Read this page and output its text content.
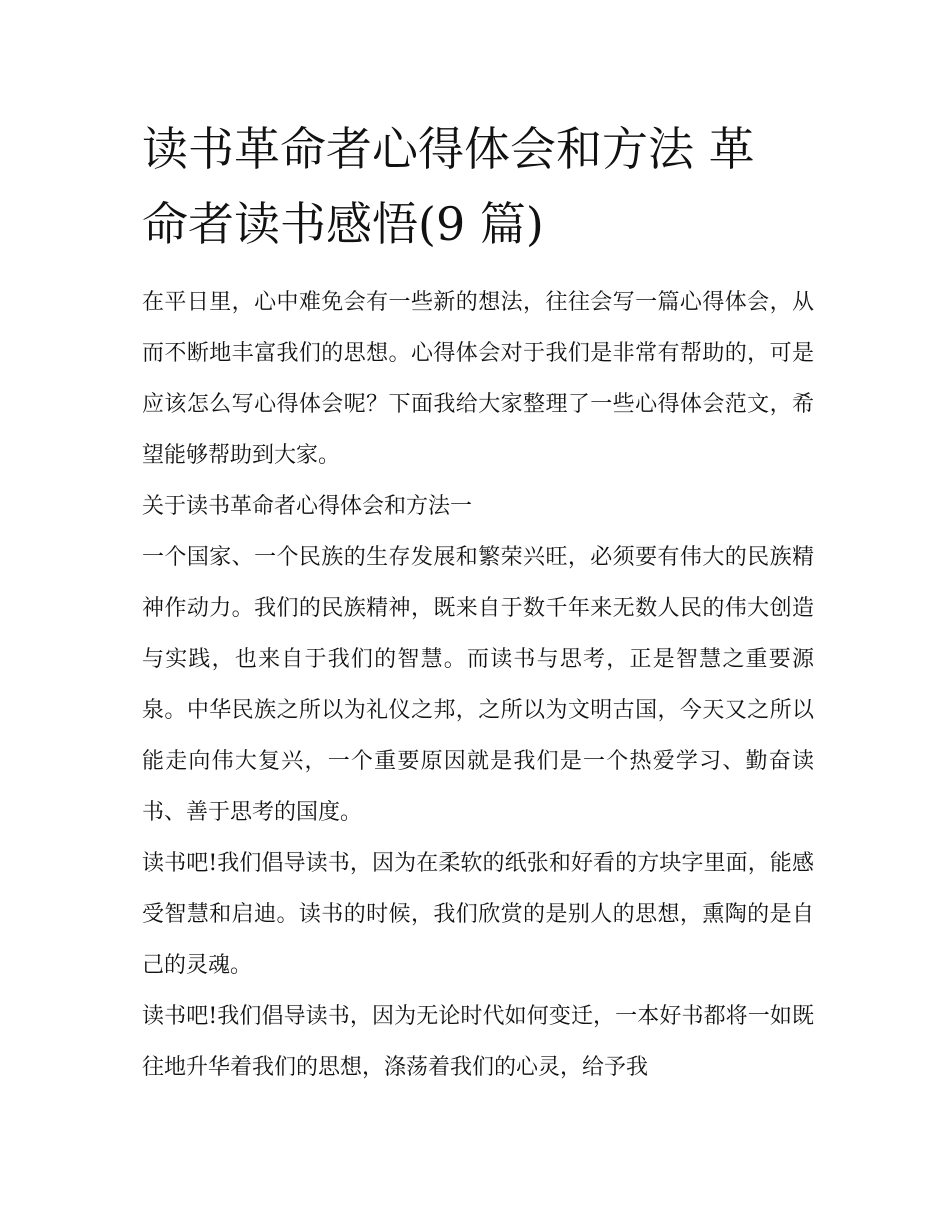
读书革命者心得体会和方法 革
命者读书感悟(9 篇)

在平日里，心中难免会有一些新的想法，往往会写一篇心得体会，从而不断地丰富我们的思想。心得体会对于我们是非常有帮助的，可是应该怎么写心得体会呢？下面我给大家整理了一些心得体会范文，希望能够帮助到大家。

关于读书革命者心得体会和方法一

一个国家、一个民族的生存发展和繁荣兴旺，必须要有伟大的民族精神作动力。我们的民族精神，既来自于数千年来无数人民的伟大创造与实践，也来自于我们的智慧。而读书与思考，正是智慧之重要源泉。中华民族之所以为礼仪之邦，之所以为文明古国，今天又之所以能走向伟大复兴，一个重要原因就是我们是一个热爱学习、勤奋读书、善于思考的国度。

读书吧!我们倡导读书，因为在柔软的纸张和好看的方块字里面，能感受智慧和启迪。读书的时候，我们欣赏的是别人的思想，熏陶的是自己的灵魂。

读书吧!我们倡导读书，因为无论时代如何变迁，一本好书都将一如既往地升华着我们的思想，涤荡着我们的心灵，给予我
